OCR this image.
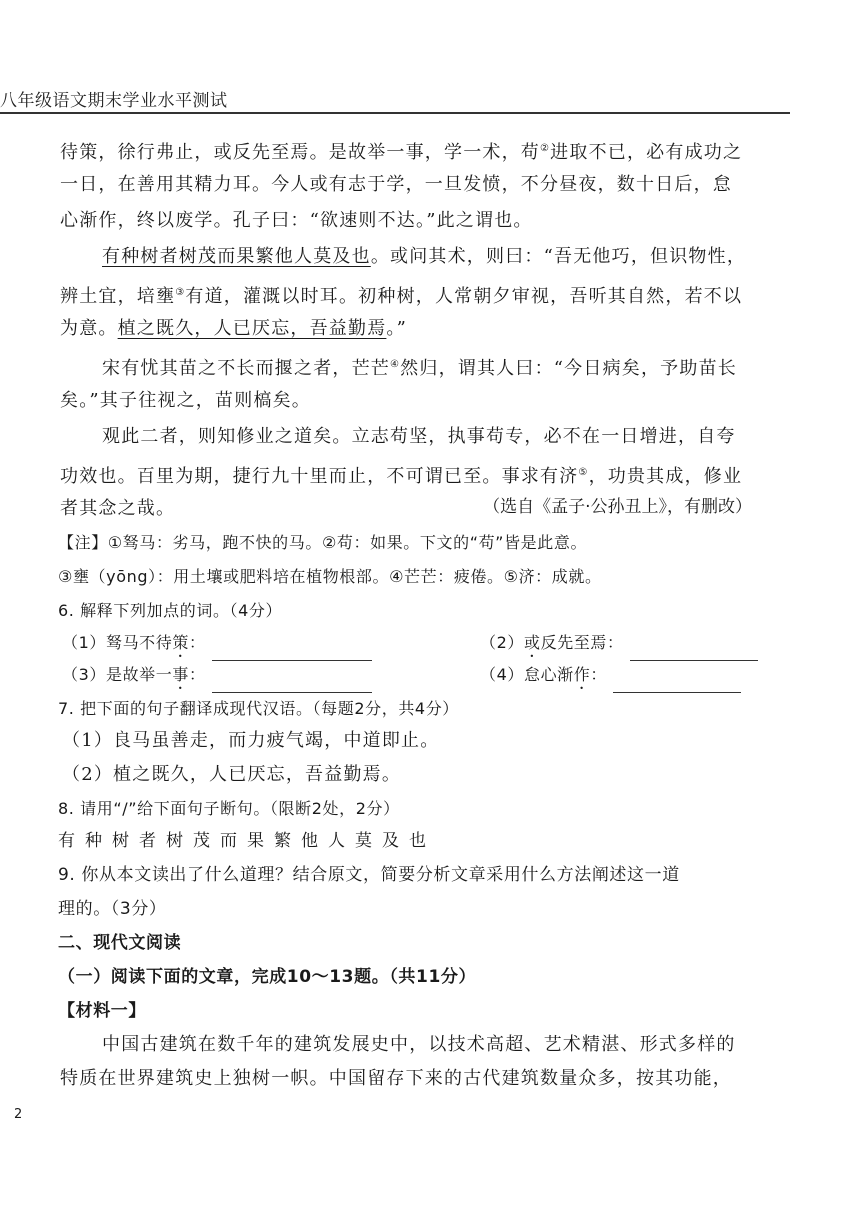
八年级语文期末学业水平测试
待策，徐行弗止，或反先至焉。是故举一事，学一术，苟②进取不已，必有成功之
一日，在善用其精力耳。今人或有志于学，一旦发愤，不分昼夜，数十日后，怠
心渐作，终以废学。孔子曰：“欲速则不达。”此之谓也。
有种树者树茂而果繁他人莫及也。或问其术，则曰：“吾无他巧，但识物性，
辨土宜，培壅③有道，灌溉以时耳。初种树，人常朝夕审视，吾听其自然，若不以
为意。植之既久，人已厌忘，吾益勤焉。”
宋有忧其苗之不长而揠之者，芒芒④然归，谓其人曰：“今日病矣，予助苗长
矣。”其子往视之，苗则槁矣。
观此二者，则知修业之道矣。立志苟坚，执事苟专，必不在一日增进，自夸
功效也。百里为期，捷行九十里而止，不可谓已至。事求有济⑤，功贵其成，修业
者其念之哉。	（选自《孟子·公孙丑上》，有删改）
【注】①驽马：劣马，跑不快的马。②苟：如果。下文的“苟”皆是此意。
③壅（yōng）：用土壤或肥料培在植物根部。④芒芒：疲倦。⑤济：成就。
6. 解释下列加点的词。（4分）
（1）驽马不待策：	（2）或反先至焉：
（3）是故举一事：	（4）怠心渐作：
7. 把下面的句子翻译成现代汉语。（每题2分，共4分）
（1）良马虽善走，而力疲气竭，中道即止。
（2）植之既久，人已厌忘，吾益勤焉。
8. 请用“/”给下面句子断句。（限断2处，2分）
有种树者树茂而果繁他人莫及也
9. 你从本文读出了什么道理？结合原文，简要分析文章采用什么方法阐述这一道
理的。（3分）
二、现代文阅读
（一）阅读下面的文章，完成10～13题。（共11分）
【材料一】
中国古建筑在数千年的建筑发展史中，以技术高超、艺术精湛、形式多样的
特质在世界建筑史上独树一帜。中国留存下来的古代建筑数量众多，按其功能，
2
